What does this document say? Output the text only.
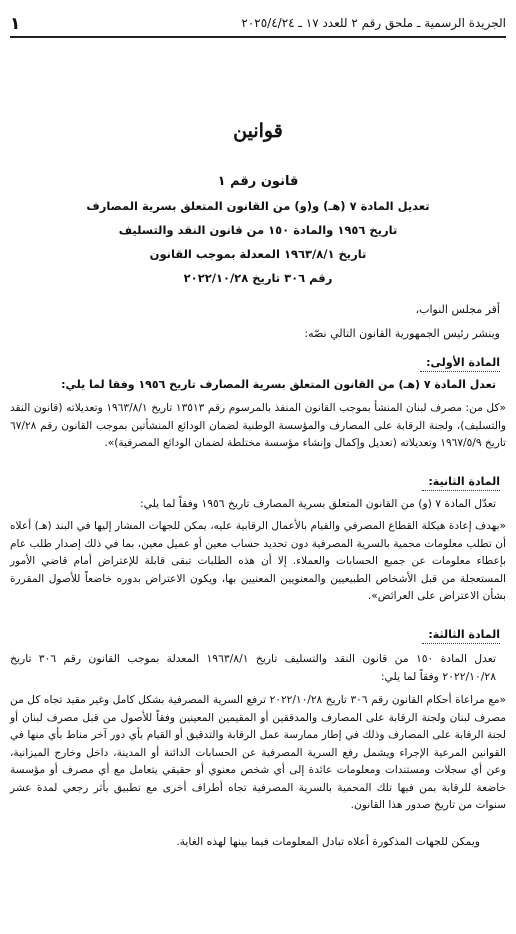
الجريدة الرسمية ـ ملحق رقم ٢ للعدد ١٧ ـ ٢٠٢٥/٤/٢٤
١
قوانين
قانون رقم ١
تعديل المادة ٧ (هـ) و(و) من القانون المتعلق بسرية المصارف
تاريخ ١٩٥٦ والمادة ١٥٠ من قانون النقد والتسليف
تاريخ ١٩٦٣/٨/١ المعدلة بموجب القانون
رقم ٣٠٦ تاريخ ٢٠٢٢/١٠/٢٨
أقر مجلس النواب،
وينشر رئيس الجمهورية القانون التالي نصّه:
المادة الأولى:
تعدل المادة ٧ (هـ) من القانون المتعلق بسرية المصارف تاريخ ١٩٥٦ وفقا لما يلي:
«كل من: مصرف لبنان المنشأ بموجب القانون المنفذ بالمرسوم رقم ١٣٥١٣ تاريخ ١٩٦٣/٨/١ وتعديلاته (قانون النقد والتسليف)، ولجنة الرقابة على المصارف والمؤسسة الوطنية لضمان الودائع المنشأتين بموجب القانون رقم ٦٧/٢٨ تاريخ ١٩٦٧/٥/٩ وتعديلاته (تعديل وإكمال وإنشاء مؤسسة مختلطة لضمان الودائع المصرفية)».
المادة الثانية:
تعدّل المادة ٧ (و) من القانون المتعلق بسرية المصارف تاريخ ١٩٥٦ وفقاً لما يلي:
«بهدف إعادة هيكلة القطاع المصرفي والقيام بالأعمال الرقابية عليه، يمكن للجهات المشار إليها في البند (هـ) أعلاه أن تطلب معلومات محمية بالسرية المصرفية دون تحديد حساب معين أو عميل معين، بما في ذلك إصدار طلب عام بإعطاء معلومات عن جميع الحسابات والعملاء. إلا أن هذه الطلبات تبقى قابلة للإعتراض أمام قاضي الأمور المستعجلة من قبل الأشخاص الطبيعيين والمعنويين المعنيين بها، ويكون الاعتراض بدوره خاضعاً للأصول المقررة بشأن الاعتراض على العرائض».
المادة الثالثة:
تعدل المادة ١٥٠ من قانون النقد والتسليف تاريخ ١٩٦٣/٨/١ المعدلة بموجب القانون رقم ٣٠٦ تاريخ ٢٠٢٢/١٠/٢٨ وفقاً لما يلي:
«مع مراعاة أحكام القانون رقم ٣٠٦ تاريخ ٢٠٢٢/١٠/٢٨ ترفع السرية المصرفية بشكل كامل وغير مقيد تجاه كل من مصرف لبنان ولجنة الرقابة على المصارف والمدققين أو المقيمين المعينين وفقاً للأصول من قبل مصرف لبنان أو لجنة الرقابة على المصارف وذلك في إطار ممارسة عمل الرقابة والتدقيق أو القيام بأي دور آخر مناط بأي منها في القوانين المرعية الإجراء ويشمل رفع السرية المصرفية عن الحسابات الدائنة أو المدينة، داخل وخارج الميزانية، وعن أي سجلات ومستندات ومعلومات عائدة إلى أي شخص معنوي أو حقيقي يتعامل مع أي مصرف أو مؤسسة خاضعة للرقابة بمن فيها تلك المحمية بالسرية المصرفية تجاه أطراف أخرى مع تطبيق بأثر رجعي لمدة عشر سنوات من تاريخ صدور هذا القانون.
ويمكن للجهات المذكورة أعلاه تبادل المعلومات فيما بينها لهذه الغاية.
